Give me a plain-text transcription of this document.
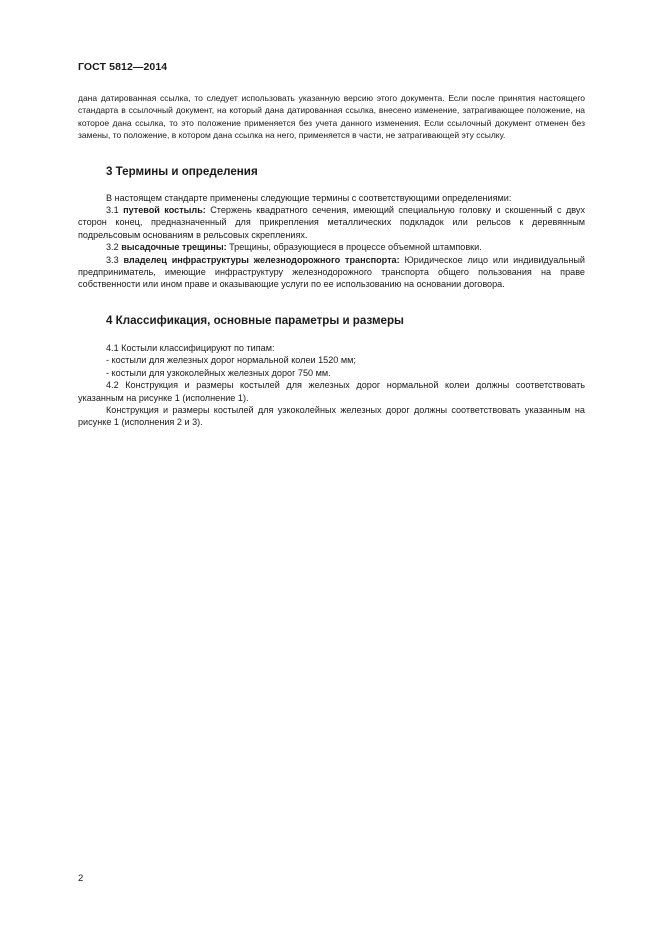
ГОСТ 5812—2014

дана датированная ссылка, то следует использовать указанную версию этого документа. Если после принятия настоящего стандарта в ссылочный документ, на который дана датированная ссылка, внесено изменение, затрагивающее положение, на которое дана ссылка, то это положение применяется без учета данного изменения. Если ссылочный документ отменен без замены, то положение, в котором дана ссылка на него, применяется в части, не затрагивающей эту ссылку.

3 Термины и определения

В настоящем стандарте применены следующие термины с соответствующими определениями:

3.1 путевой костыль: Стержень квадратного сечения, имеющий специальную головку и скошенный с двух сторон конец, предназначенный для прикрепления металлических подкладок или рельсов к деревянным подрельсовым основаниям в рельсовых скреплениях.

3.2 высадочные трещины: Трещины, образующиеся в процессе объемной штамповки.

3.3 владелец инфраструктуры железнодорожного транспорта: Юридическое лицо или индивидуальный предприниматель, имеющие инфраструктуру железнодорожного транспорта общего пользования на праве собственности или ином праве и оказывающие услуги по ее использованию на основании договора.

4 Классификация, основные параметры и размеры

4.1 Костыли классифицируют по типам:

- костыли для железных дорог нормальной колеи 1520 мм;

- костыли для узкоколейных железных дорог 750 мм.

4.2 Конструкция и размеры костылей для железных дорог нормальной колеи должны соответствовать указанным на рисунке 1 (исполнение 1).

Конструкция и размеры костылей для узкоколейных железных дорог должны соответствовать указанным на рисунке 1 (исполнения 2 и 3).

2
